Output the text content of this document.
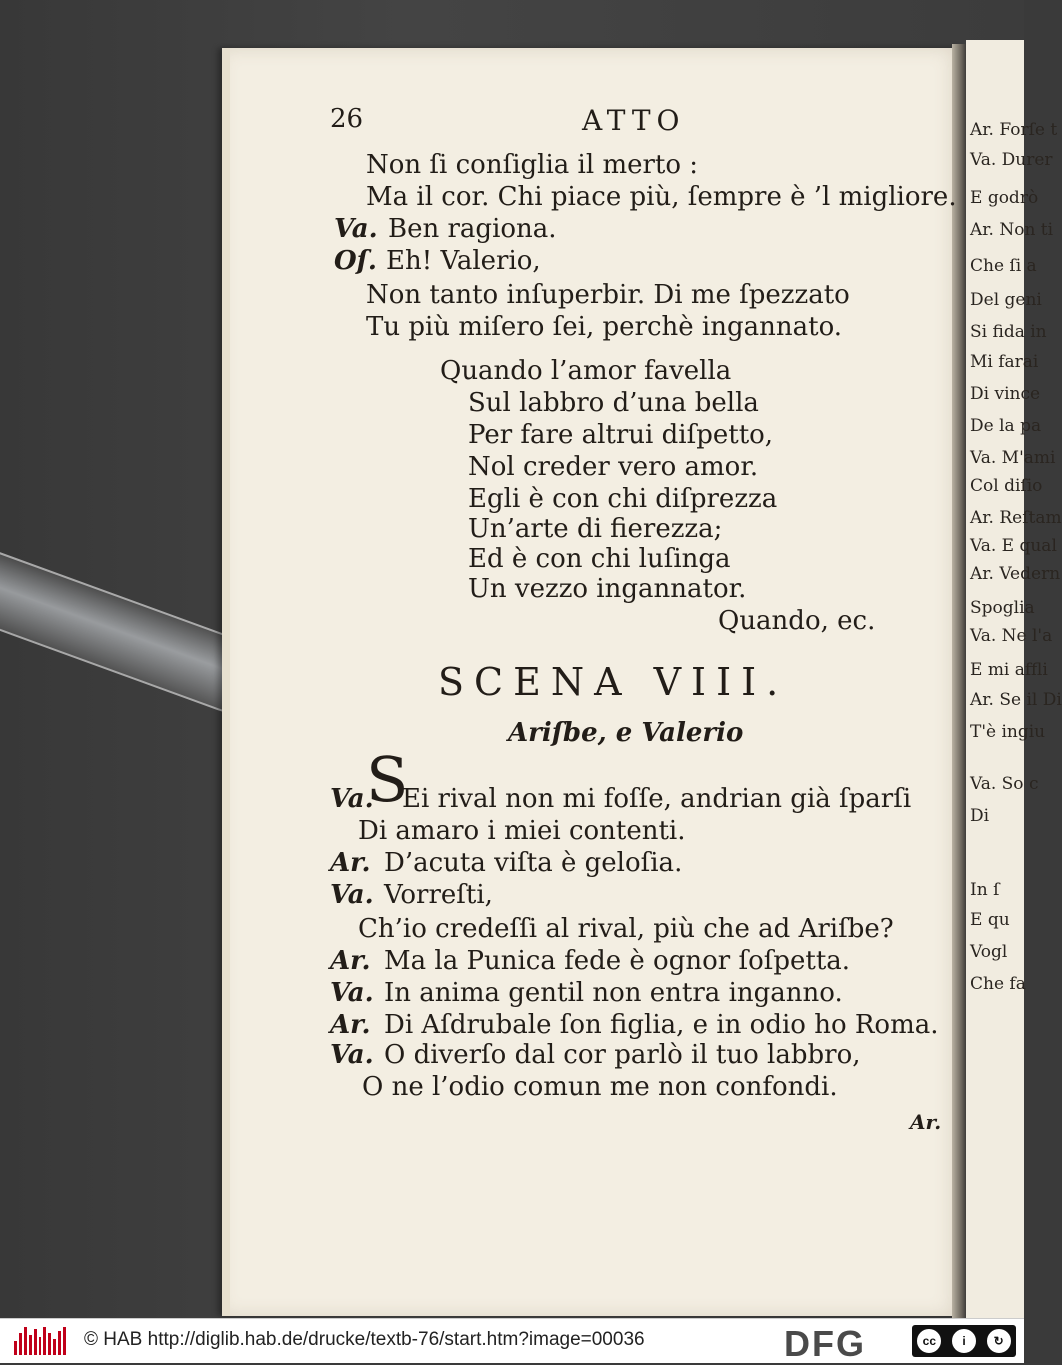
Ar. Forſe t
Va. Durer
E godrò
Ar. Non ti
Che ſi a
Del geni
Si fida in
Mi farai
Di vince
De la pa
Va. M'ami
Col diſio
Ar. Reſtam
Va. E qual
Ar. Vedern
Spoglia
Va. Ne l'a
E mi affli
Ar. Se il Di
T'è ingiu
Va. So c
Di
In ſ
E qu
Vogl
Che fa
26	ATTO
Non ſi conſiglia il merto :
Ma il cor. Chi piace più, ſempre è ’l migliore.
Va. Ben ragiona.
Oſ. Eh! Valerio,
Non tanto inſuperbir. Di me ſpezzato
Tu più miſero ſei, perchè ingannato.
Quando l’amor favella
Sul labbro d’una bella
Per fare altrui diſpetto,
Nol creder vero amor.
Egli è con chi diſprezza
Un’arte di fierezza;
Ed è con chi luſinga
Un vezzo ingannator.
Quando, ec.
SCENA VIII.
Ariſbe, e Valerio
Va.
S
Ei rival non mi foſſe, andrian già ſparſi
Di amaro i miei contenti.
Ar. D’acuta viſta è geloſia.
Va. Vorreſti,
Ch’io credeſſi al rival, più che ad Ariſbe?
Ar. Ma la Punica fede è ognor ſoſpetta.
Va. In anima gentil non entra inganno.
Ar. Di Aſdrubale ſon figlia, e in odio ho Roma.
Va. O diverſo dal cor parlò il tuo labbro,
O ne l’odio comun me non confondi.
Ar.
© HAB http://diglib.hab.de/drucke/textb-76/start.htm?image=00036	DFG	cc	i	↻
